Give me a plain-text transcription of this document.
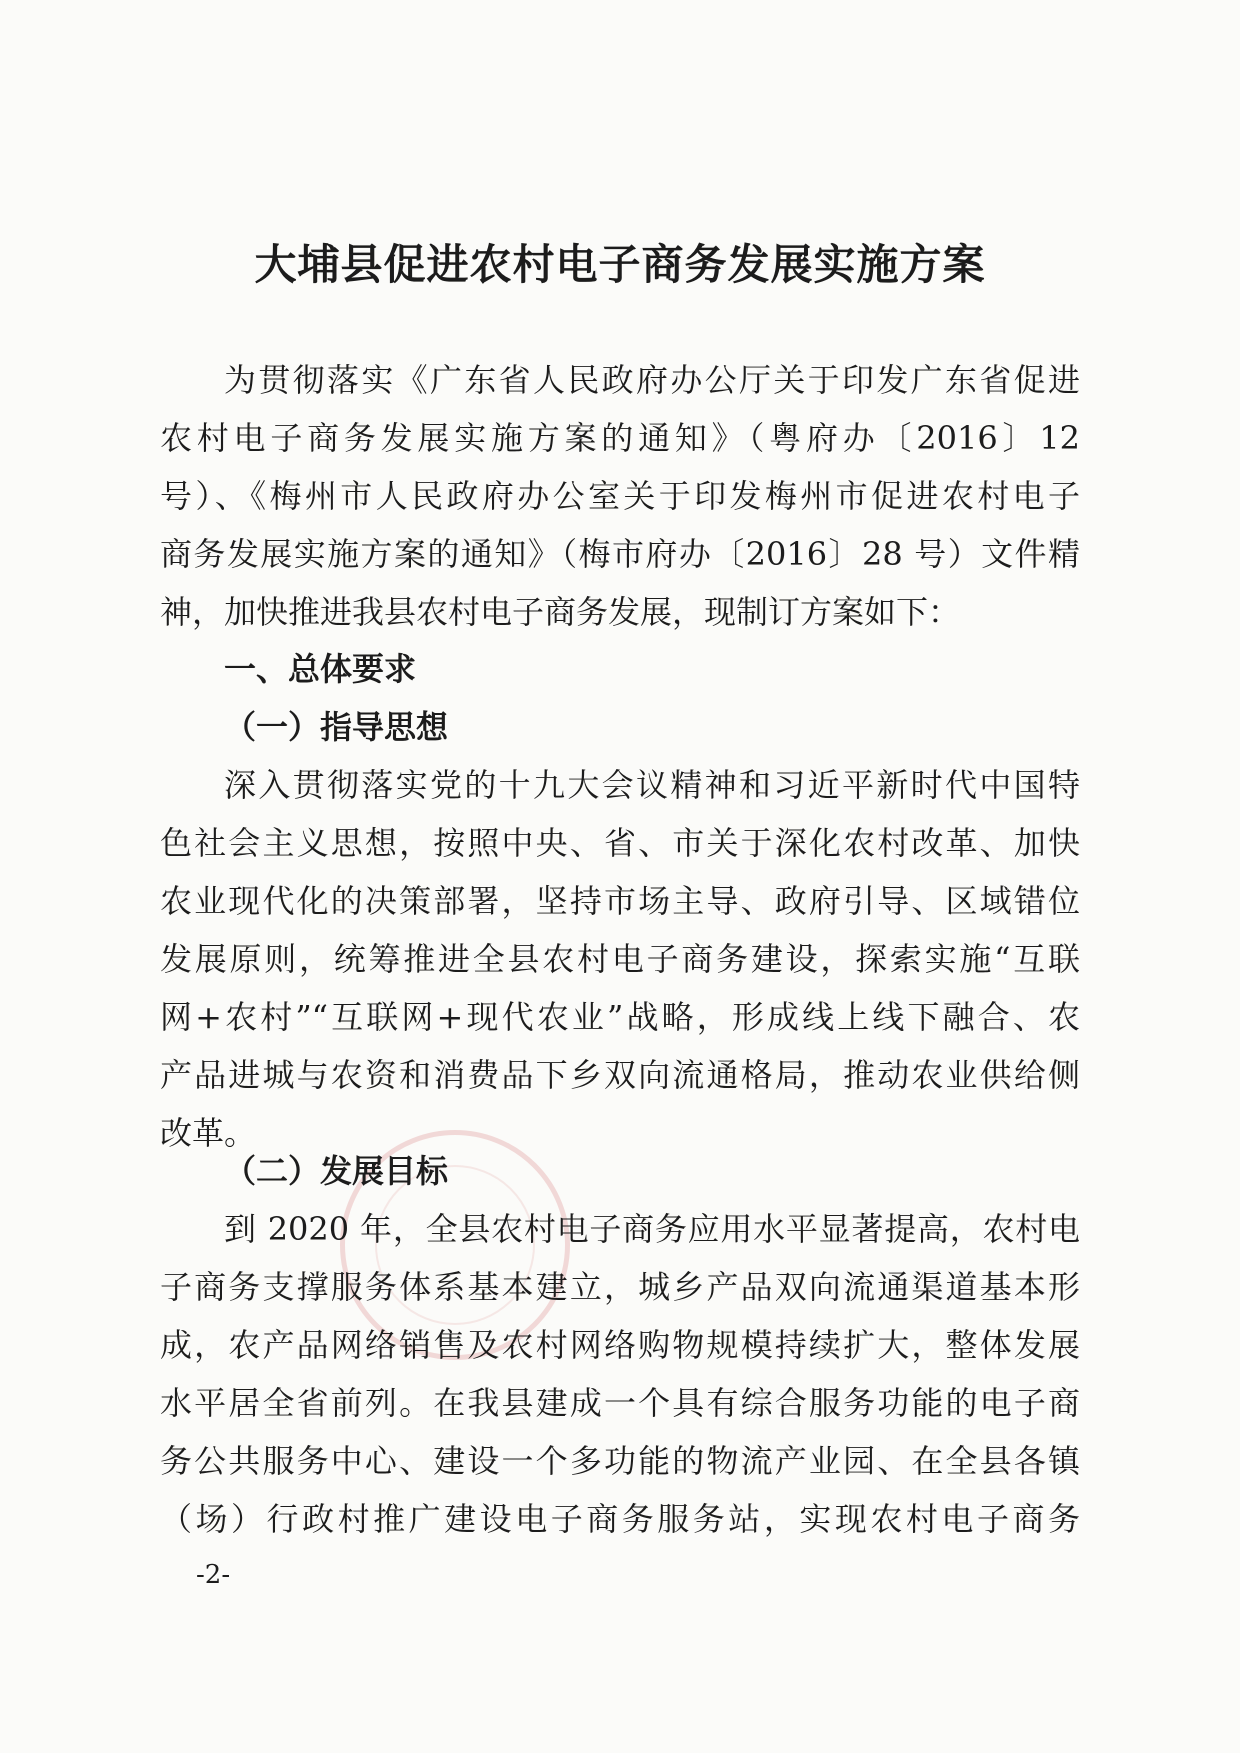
大埔县促进农村电子商务发展实施方案
为贯彻落实《广东省人民政府办公厅关于印发广东省促进
农村电子商务发展实施方案的通知》（粤府办〔2016〕12
号）、《梅州市人民政府办公室关于印发梅州市促进农村电子
商务发展实施方案的通知》（梅市府办〔2016〕28 号）文件精
神，加快推进我县农村电子商务发展，现制订方案如下：
一、总体要求
（一）指导思想
深入贯彻落实党的十九大会议精神和习近平新时代中国特
色社会主义思想，按照中央、省、市关于深化农村改革、加快
农业现代化的决策部署，坚持市场主导、政府引导、区域错位
发展原则，统筹推进全县农村电子商务建设，探索实施“互联
网+农村”“互联网+现代农业”战略，形成线上线下融合、农
产品进城与农资和消费品下乡双向流通格局，推动农业供给侧
改革。
（二）发展目标
到 2020 年，全县农村电子商务应用水平显著提高，农村电
子商务支撑服务体系基本建立，城乡产品双向流通渠道基本形
成，农产品网络销售及农村网络购物规模持续扩大，整体发展
水平居全省前列。在我县建成一个具有综合服务功能的电子商
务公共服务中心、建设一个多功能的物流产业园、在全县各镇
（场）行政村推广建设电子商务服务站，实现农村电子商务

-2-
